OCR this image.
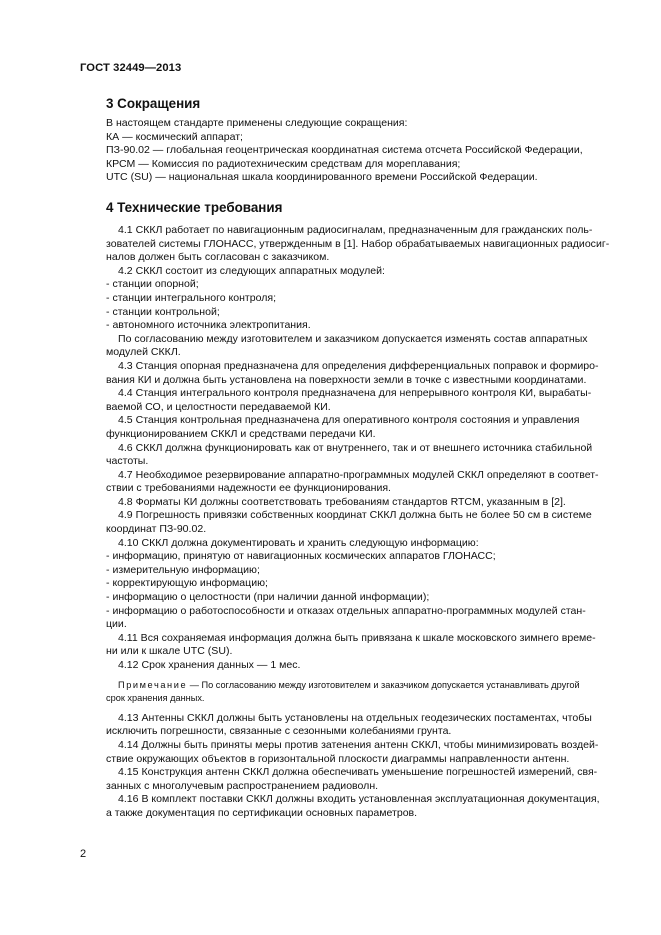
ГОСТ 32449—2013
3 Сокращения

В настоящем стандарте применены следующие сокращения:

КА — космический аппарат;

ПЗ-90.02 — глобальная геоцентрическая координатная система отсчета Российской Федерации,

КРСМ — Комиссия по радиотехническим средствам для мореплавания;

UTC (SU) — национальная шкала координированного времени Российской Федерации.

4 Технические требования

4.1 СККЛ работает по навигационным радиосигналам, предназначенным для гражданских поль-

зователей системы ГЛОНАСС, утвержденным в [1]. Набор обрабатываемых навигационных радиосиг-

налов должен быть согласован с заказчиком.

4.2 СККЛ состоит из следующих аппаратных модулей:

- станции опорной;

- станции интегрального контроля;

- станции контрольной;

- автономного источника электропитания.

По согласованию между изготовителем и заказчиком допускается изменять состав аппаратных

модулей СККЛ.

4.3 Станция опорная предназначена для определения дифференциальных поправок и формиро-

вания КИ и должна быть установлена на поверхности земли в точке с известными координатами.

4.4 Станция интегрального контроля предназначена для непрерывного контроля КИ, вырабаты-

ваемой СО, и целостности передаваемой КИ.

4.5 Станция контрольная предназначена для оперативного контроля состояния и управления

функционированием СККЛ и средствами передачи КИ.

4.6 СККЛ должна функционировать как от внутреннего, так и от внешнего источника стабильной

частоты.

4.7 Необходимое резервирование аппаратно-программных модулей СККЛ определяют в соответ-

ствии с требованиями надежности ее функционирования.

4.8 Форматы КИ должны соответствовать требованиям стандартов RTCM, указанным в [2].

4.9 Погрешность привязки собственных координат СККЛ должна быть не более 50 см в системе

координат ПЗ-90.02.

4.10 СККЛ должна документировать и хранить следующую информацию:

- информацию, принятую от навигационных космических аппаратов ГЛОНАСС;

- измерительную информацию;

- корректирующую информацию;

- информацию о целостности (при наличии данной информации);

- информацию о работоспособности и отказах отдельных аппаратно-программных модулей стан-

ции.

4.11 Вся сохраняемая информация должна быть привязана к шкале московского зимнего време-

ни или к шкале UTC (SU).

4.12 Срок хранения данных — 1 мес.

Примечание — По согласованию между изготовителем и заказчиком допускается устанавливать другой

срок хранения данных.

4.13 Антенны СККЛ должны быть установлены на отдельных геодезических постаментах, чтобы

исключить погрешности, связанные с сезонными колебаниями грунта.

4.14 Должны быть приняты меры против затенения антенн СККЛ, чтобы минимизировать воздей-

ствие окружающих объектов в горизонтальной плоскости диаграммы направленности антенн.

4.15 Конструкция антенн СККЛ должна обеспечивать уменьшение погрешностей измерений, свя-

занных с многолучевым распространением радиоволн.

4.16 В комплект поставки СККЛ должны входить установленная эксплуатационная документация,

а также документация по сертификации основных параметров.

2
